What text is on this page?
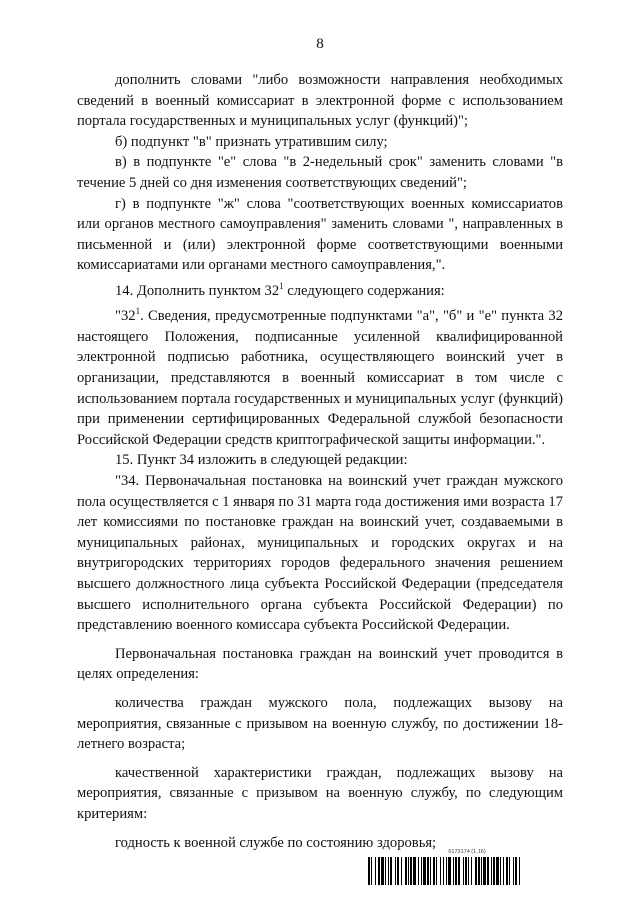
8

дополнить словами "либо возможности направления необходимых сведений в военный комиссариат в электронной форме с использованием портала государственных и муниципальных услуг (функций)";

б) подпункт "в" признать утратившим силу;

в) в подпункте "е" слова "в 2-недельный срок" заменить словами "в течение 5 дней со дня изменения соответствующих сведений";

г) в подпункте "ж" слова "соответствующих военных комиссариатов или органов местного самоуправления" заменить словами ", направленных в письменной и (или) электронной форме соответствующими военными комиссариатами или органами местного самоуправления,".

14. Дополнить пунктом $32^1$ следующего содержания:

"$32^1$. Сведения, предусмотренные подпунктами "а", "б" и "е" пункта 32 настоящего Положения, подписанные усиленной квалифицированной электронной подписью работника, осуществляющего воинский учет в организации, представляются в военный комиссариат в том числе с использованием портала государственных и муниципальных услуг (функций) при применении сертифицированных Федеральной службой безопасности Российской Федерации средств криптографической защиты информации.".

15. Пункт 34 изложить в следующей редакции:

"34. Первоначальная постановка на воинский учет граждан мужского пола осуществляется с 1 января по 31 марта года достижения ими возраста 17 лет комиссиями по постановке граждан на воинский учет, создаваемыми в муниципальных районах, муниципальных и городских округах и на внутригородских территориях городов федерального значения решением высшего должностного лица субъекта Российской Федерации (председателя высшего исполнительного органа субъекта Российской Федерации) по представлению военного комиссара субъекта Российской Федерации.

Первоначальная постановка граждан на воинский учет проводится в целях определения:

количества граждан мужского пола, подлежащих вызову на мероприятия, связанные с призывом на военную службу, по достижении 18-летнего возраста;

качественной характеристики граждан, подлежащих вызову на мероприятия, связанные с призывом на военную службу, по следующим критериям:

годность к военной службе по состоянию здоровья;

6173174 (1.16)
